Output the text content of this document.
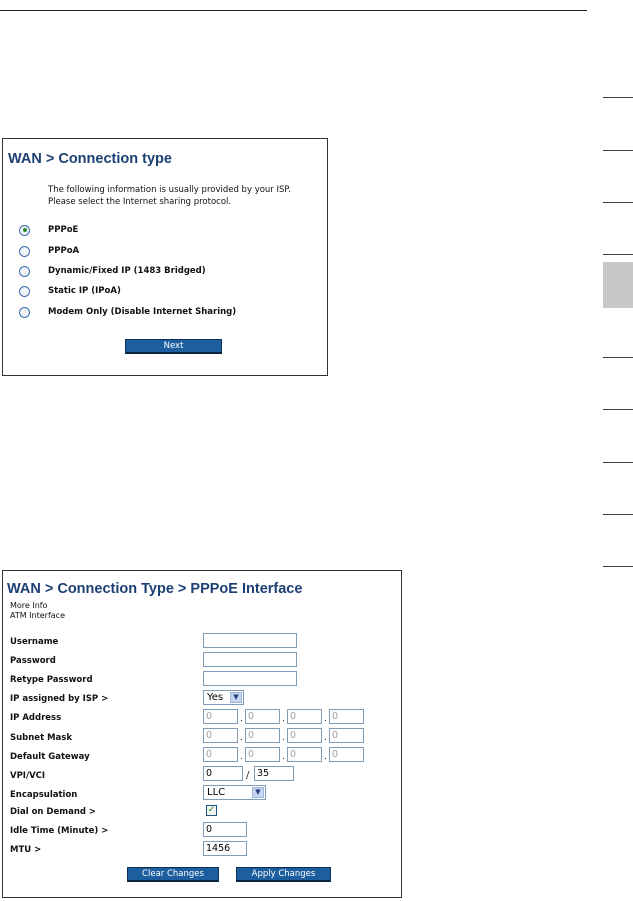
WAN > Connection type
The following information is usually provided by your ISP.
Please select the Internet sharing protocol.
PPPoE
PPPoA
Dynamic/Fixed IP (1483 Bridged)
Static IP (IPoA)
Modem Only (Disable Internet Sharing)
Next
WAN > Connection Type > PPPoE Interface
More Info
ATM Interface
Username
Password
Retype Password
IP assigned by ISP >	Yes	▼
IP Address	0	. 0	. 0	. 0
Subnet Mask	0	. 0	. 0	. 0
Default Gateway	0	. 0	. 0	. 0
VPI/VCI	0	/ 35
Encapsulation	LLC	▼
Dial on Demand >	✓
Idle Time (Minute) >	0
MTU >	1456
Clear Changes	Apply Changes
